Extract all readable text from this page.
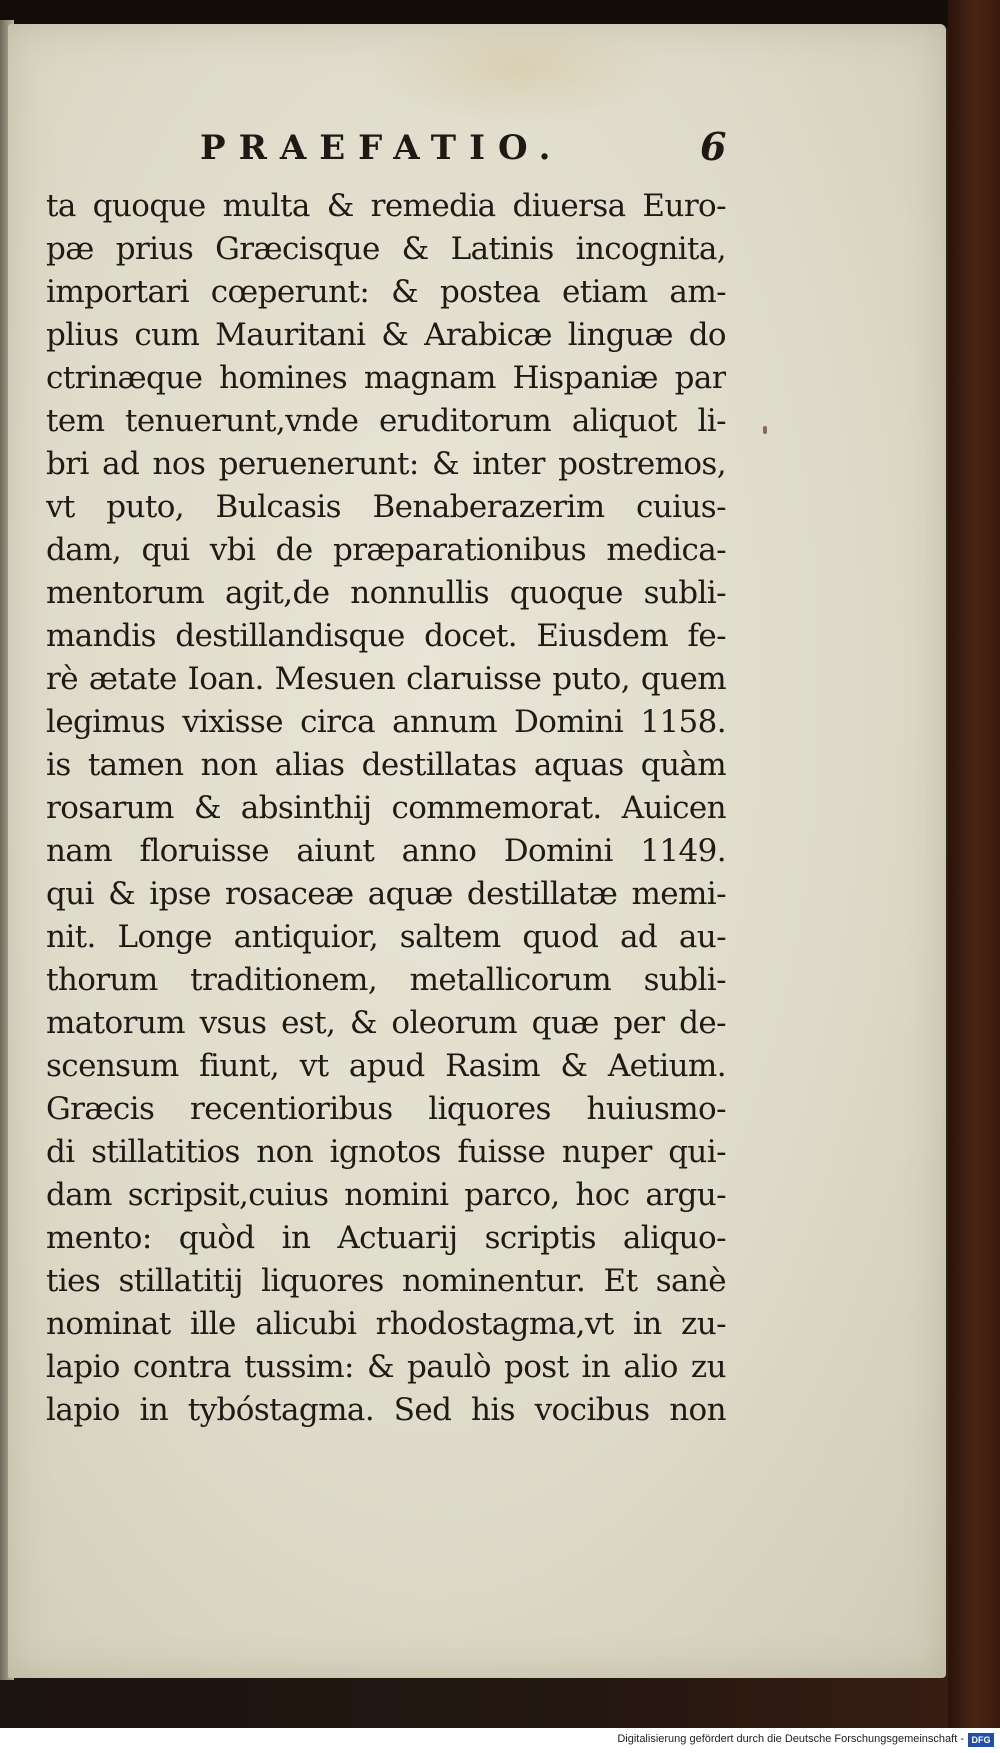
PRAEFATIO.	6
ta quoque multa & remedia diuersa Euro-
pæ prius Græcisque & Latinis incognita,
importari cœperunt: & postea etiam am-
plius cum Mauritani & Arabicæ linguæ do
ctrinæque homines magnam Hispaniæ par
tem tenuerunt,vnde eruditorum aliquot li-
bri ad nos peruenerunt: & inter postremos,
vt puto, Bulcasis Benaberazerim cuius-
dam, qui vbi de præparationibus medica-
mentorum agit,de nonnullis quoque subli-
mandis destillandisque docet. Eiusdem fe-
rè ætate Ioan. Mesuen claruisse puto, quem
legimus vixisse circa annum Domini 1158.
is tamen non alias destillatas aquas quàm
rosarum & absinthij commemorat. Auicen
nam floruisse aiunt anno Domini 1149.
qui & ipse rosaceæ aquæ destillatæ memi-
nit. Longe antiquior, saltem quod ad au-
thorum traditionem, metallicorum subli-
matorum vsus est, & oleorum quæ per de-
scensum fiunt, vt apud Rasim & Aetium.
Græcis recentioribus liquores huiusmo-
di stillatitios non ignotos fuisse nuper qui-
dam scripsit,cuius nomini parco, hoc argu-
mento: quòd in Actuarij scriptis aliquo-
ties stillatitij liquores nominentur. Et sanè
nominat ille alicubi rhodostagma,vt in zu-
lapio contra tussim: & paulò post in alio zu
lapio in tybóstagma. Sed his vocibus non
Digitalisierung gefördert durch die Deutsche Forschungsgemeinschaft - DFG
